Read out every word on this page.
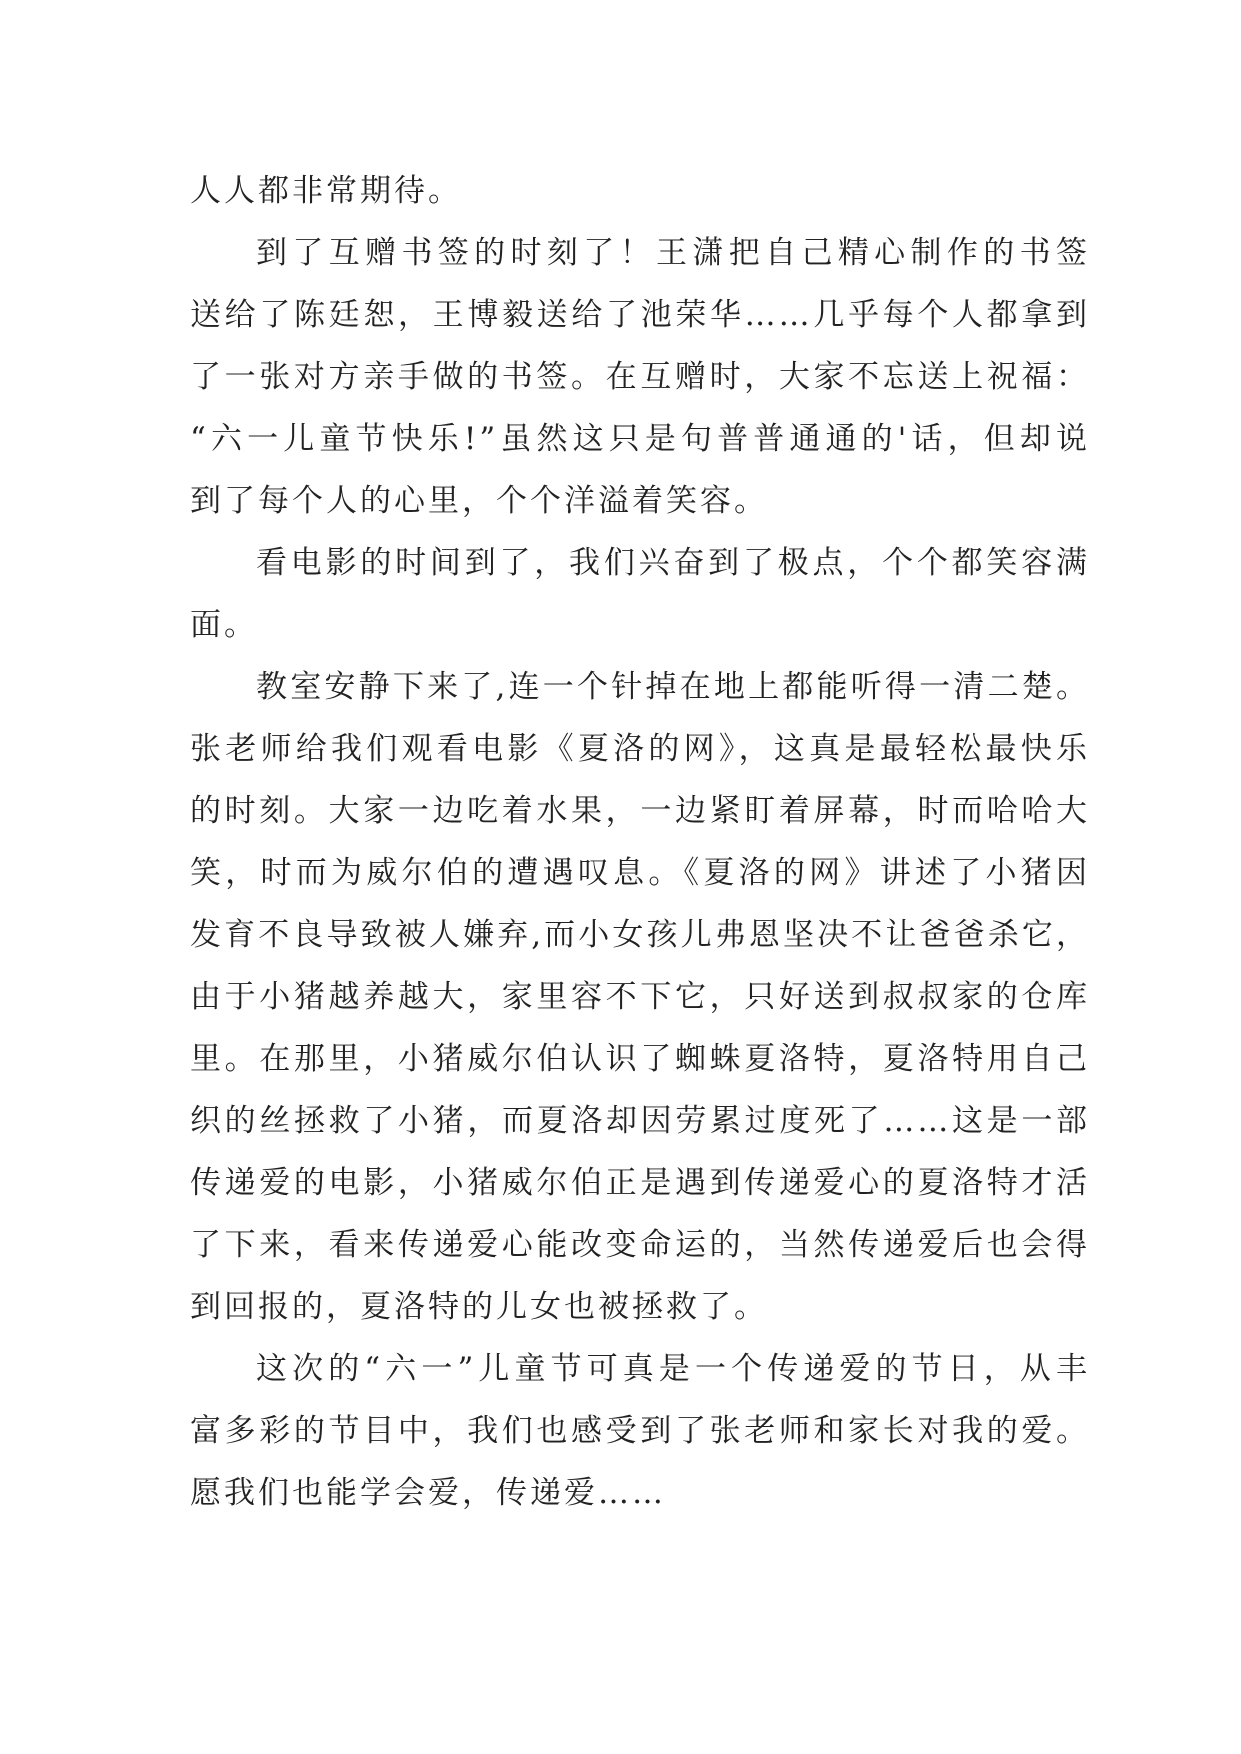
人人都非常期待。
到了互赠书签的时刻了！王潇把自己精心制作的书签
送给了陈廷恕，王博毅送给了池荣华……几乎每个人都拿到
了一张对方亲手做的书签。在互赠时，大家不忘送上祝福：
“六一儿童节快乐!”虽然这只是句普普通通的'话，但却说
到了每个人的心里，个个洋溢着笑容。
看电影的时间到了，我们兴奋到了极点，个个都笑容满
面。
教室安静下来了,连一个针掉在地上都能听得一清二楚。
张老师给我们观看电影《夏洛的网》，这真是最轻松最快乐
的时刻。大家一边吃着水果，一边紧盯着屏幕，时而哈哈大
笑，时而为威尔伯的遭遇叹息。《夏洛的网》讲述了小猪因
发育不良导致被人嫌弃,而小女孩儿弗恩坚决不让爸爸杀它，
由于小猪越养越大，家里容不下它，只好送到叔叔家的仓库
里。在那里，小猪威尔伯认识了蜘蛛夏洛特，夏洛特用自己
织的丝拯救了小猪，而夏洛却因劳累过度死了……这是一部
传递爱的电影，小猪威尔伯正是遇到传递爱心的夏洛特才活
了下来，看来传递爱心能改变命运的，当然传递爱后也会得
到回报的，夏洛特的儿女也被拯救了。
这次的“六一”儿童节可真是一个传递爱的节日，从丰
富多彩的节目中，我们也感受到了张老师和家长对我的爱。
愿我们也能学会爱，传递爱……
